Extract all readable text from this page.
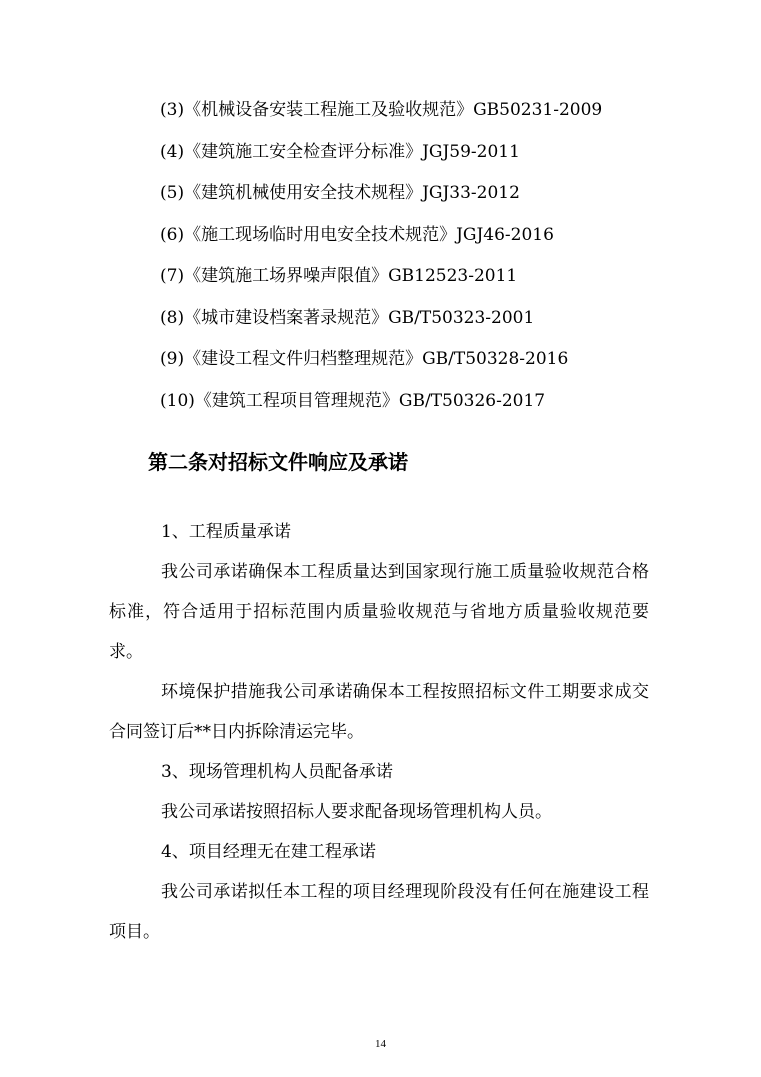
(3)《机械设备安装工程施工及验收规范》GB50231-2009
(4)《建筑施工安全检查评分标准》JGJ59-2011
(5)《建筑机械使用安全技术规程》JGJ33-2012
(6)《施工现场临时用电安全技术规范》JGJ46-2016
(7)《建筑施工场界噪声限值》GB12523-2011
(8)《城市建设档案著录规范》GB/T50323-2001
(9)《建设工程文件归档整理规范》GB/T50328-2016
(10)《建筑工程项目管理规范》GB/T50326-2017
第二条对招标文件响应及承诺

1、工程质量承诺

我公司承诺确保本工程质量达到国家现行施工质量验收规范合格标准，符合适用于招标范围内质量验收规范与省地方质量验收规范要求。

环境保护措施我公司承诺确保本工程按照招标文件工期要求成交合同签订后**日内拆除清运完毕。

3、现场管理机构人员配备承诺

我公司承诺按照招标人要求配备现场管理机构人员。

4、项目经理无在建工程承诺

我公司承诺拟任本工程的项目经理现阶段没有任何在施建设工程项目。

14
